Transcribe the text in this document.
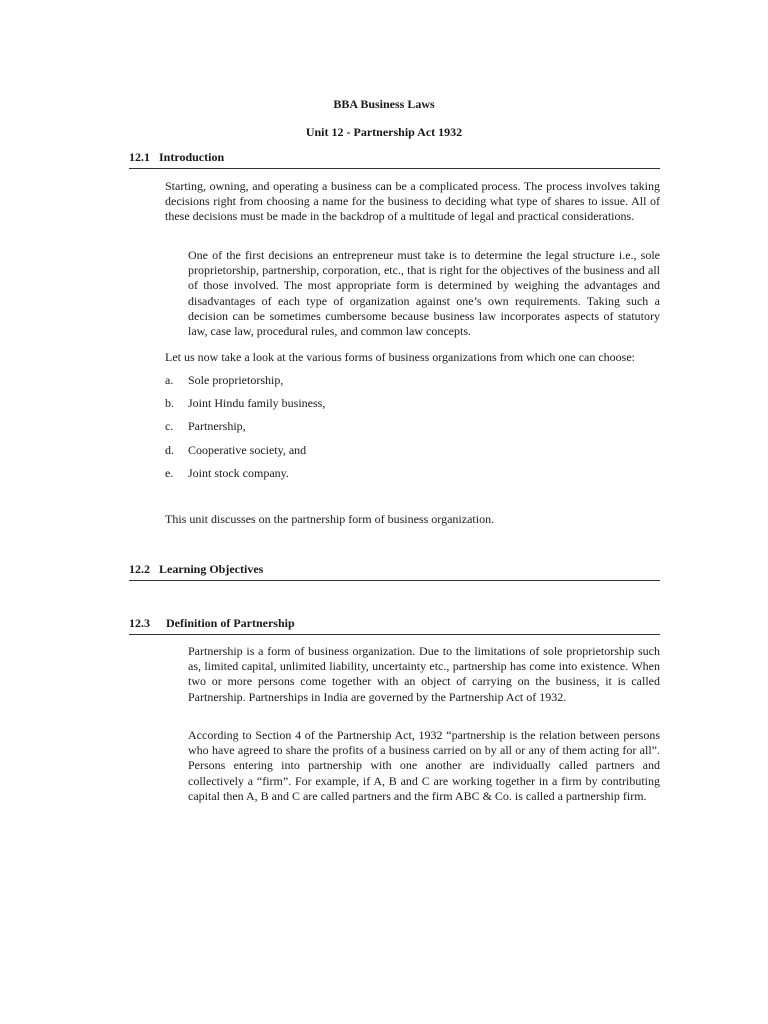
BBA Business Laws
Unit 12 - Partnership Act 1932
12.1 Introduction

Starting, owning, and operating a business can be a complicated process. The process involves taking decisions right from choosing a name for the business to deciding what type of shares to issue. All of these decisions must be made in the backdrop of a multitude of legal and practical considerations.

One of the first decisions an entrepreneur must take is to determine the legal structure i.e., sole proprietorship, partnership, corporation, etc., that is right for the objectives of the business and all of those involved. The most appropriate form is determined by weighing the advantages and disadvantages of each type of organization against one’s own requirements. Taking such a decision can be sometimes cumbersome because business law incorporates aspects of statutory law, case law, procedural rules, and common law concepts.

Let us now take a look at the various forms of business organizations from which one can choose:

a. Sole proprietorship,
b. Joint Hindu family business,
c. Partnership,
d. Cooperative society, and
e. Joint stock company.

This unit discusses on the partnership form of business organization.

12.2 Learning Objectives
12.3 Definition of Partnership

Partnership is a form of business organization. Due to the limitations of sole proprietorship such as, limited capital, unlimited liability, uncertainty etc., partnership has come into existence. When two or more persons come together with an object of carrying on the business, it is called Partnership. Partnerships in India are governed by the Partnership Act of 1932.

According to Section 4 of the Partnership Act, 1932 “partnership is the relation between persons who have agreed to share the profits of a business carried on by all or any of them acting for all”. Persons entering into partnership with one another are individually called partners and collectively a “firm”. For example, if A, B and C are working together in a firm by contributing capital then A, B and C are called partners and the firm ABC & Co. is called a partnership firm.
